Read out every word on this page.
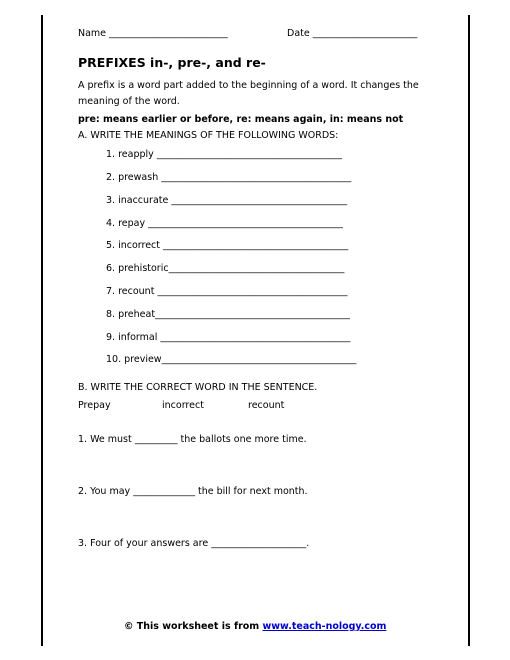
Name _________________________	Date ______________________
PREFIXES in-, pre-, and re-
A prefix is a word part added to the beginning of a word. It changes the
meaning of the word.
pre: means earlier or before, re: means again, in: means not
A. WRITE THE MEANINGS OF THE FOLLOWING WORDS:
1. reapply _______________________________________
2. prewash ________________________________________
3. inaccurate _____________________________________
4. repay _________________________________________
5. incorrect _______________________________________
6. prehistoric_____________________________________
7. recount ________________________________________
8. preheat_________________________________________
9. informal ________________________________________
10. preview_________________________________________
B. WRITE THE CORRECT WORD IN THE SENTENCE.
Prepay	incorrect	recount
1. We must _________ the ballots one more time.
2. You may _____________ the bill for next month.
3. Four of your answers are ____________________.
© This worksheet is from www.teach-nology.com
